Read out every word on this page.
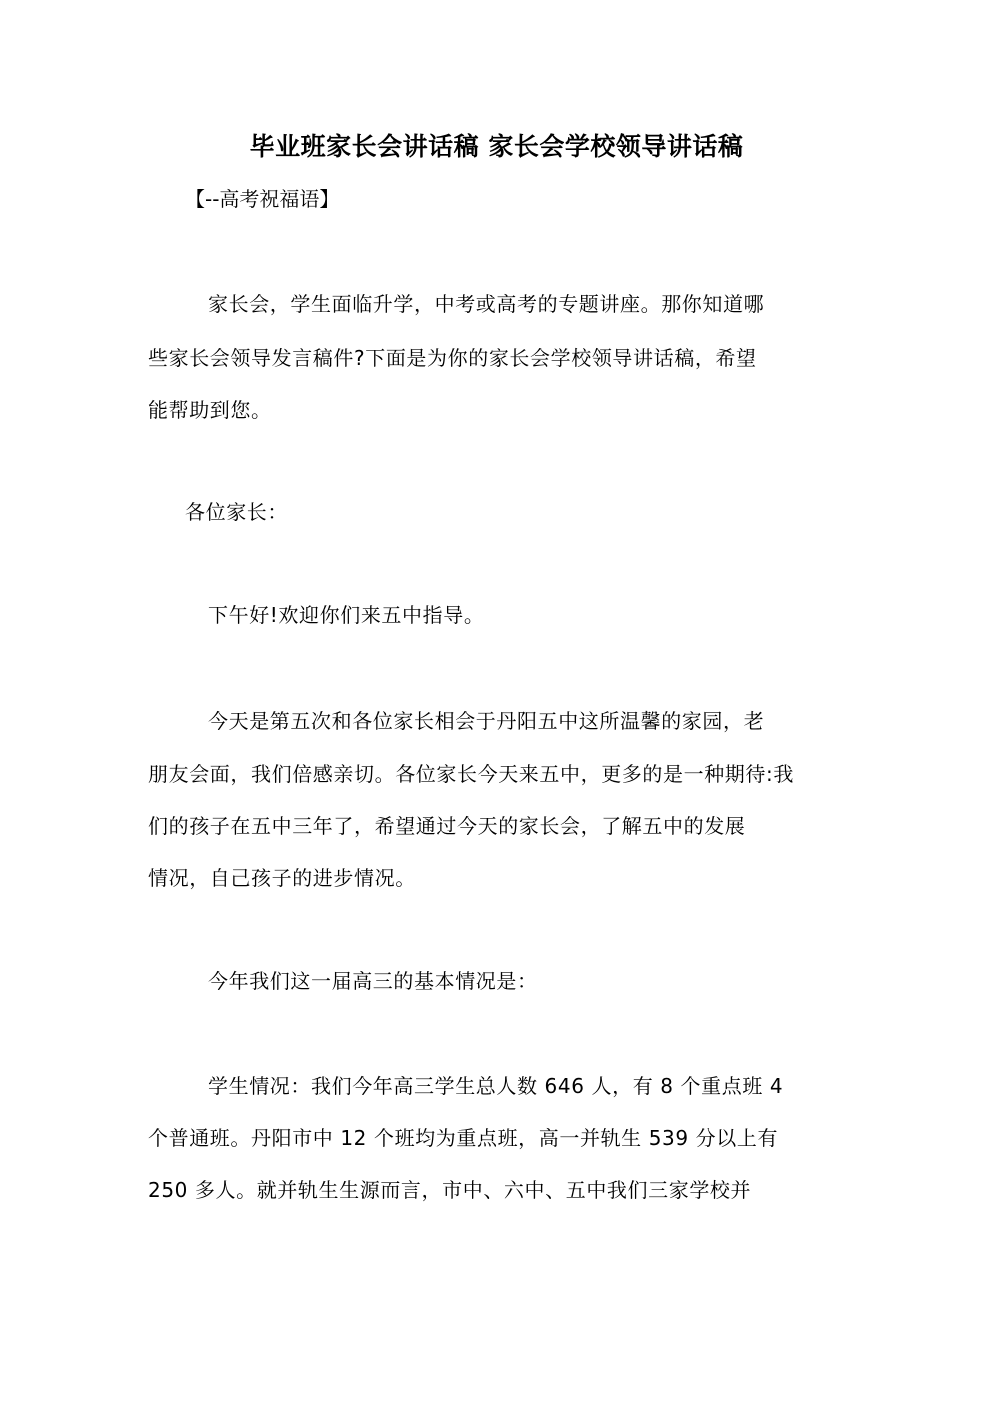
毕业班家长会讲话稿 家长会学校领导讲话稿
【--高考祝福语】
家长会，学生面临升学，中考或高考的专题讲座。那你知道哪
些家长会领导发言稿件?下面是为你的家长会学校领导讲话稿，希望
能帮助到您。
各位家长：
下午好!欢迎你们来五中指导。
今天是第五次和各位家长相会于丹阳五中这所温馨的家园，老
朋友会面，我们倍感亲切。各位家长今天来五中，更多的是一种期待:我
们的孩子在五中三年了，希望通过今天的家长会，了解五中的发展
情况，自己孩子的进步情况。
今年我们这一届高三的基本情况是：
学生情况：我们今年高三学生总人数 646 人，有 8 个重点班 4
个普通班。丹阳市中 12 个班均为重点班，高一并轨生 539 分以上有
250 多人。就并轨生生源而言，市中、六中、五中我们三家学校并
